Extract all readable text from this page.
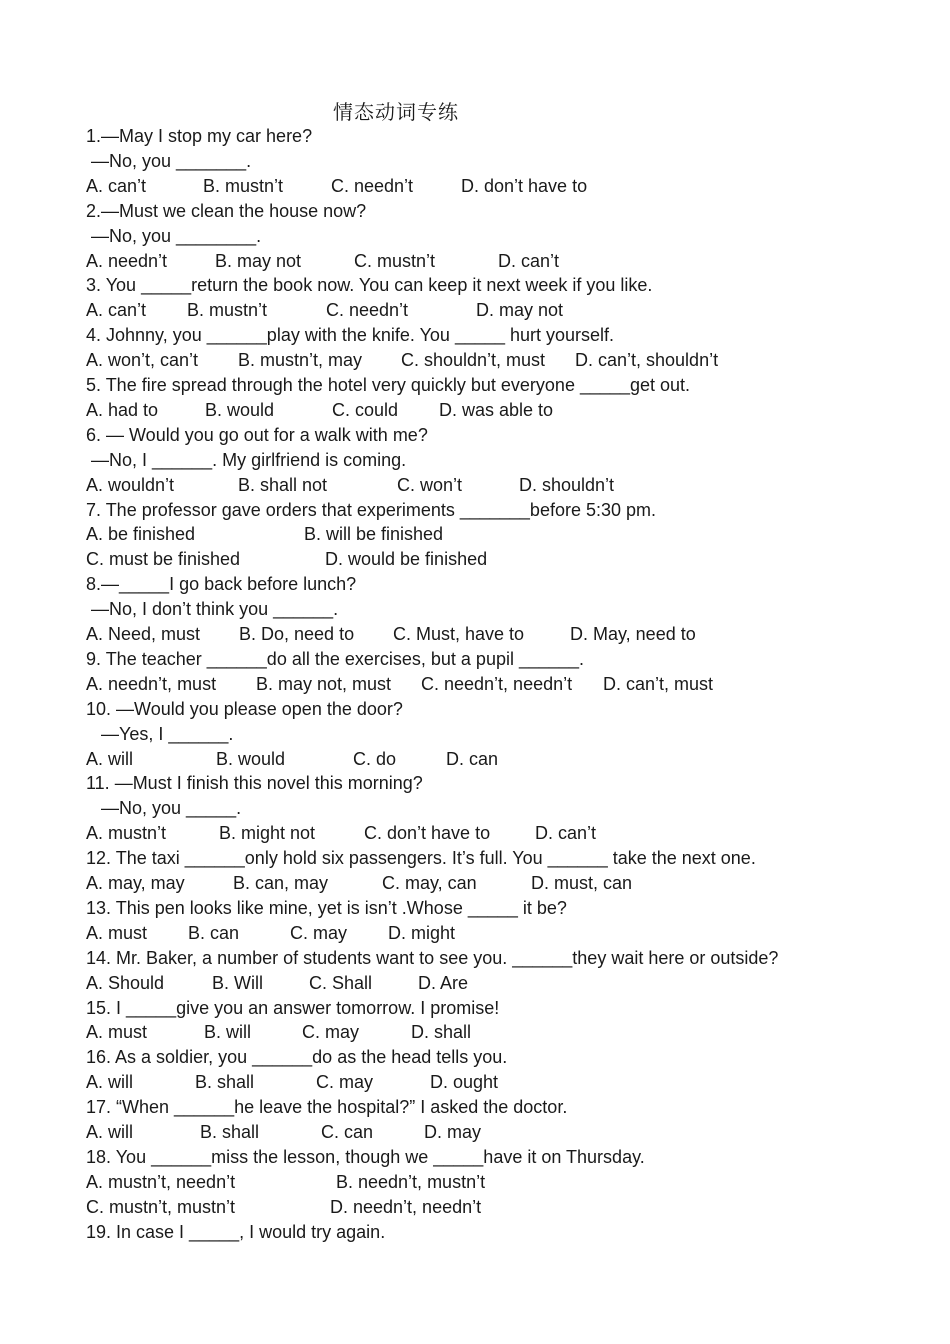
情态动词专练
1.—May I stop my car here?
—No, you _______.
A. can’t	B. mustn’t	C. needn’t	D. don’t have to
2.—Must we clean the house now?
—No, you ________.
A. needn’t	B. may not	C. mustn’t	D. can’t
3. You _____return the book now. You can keep it next week if you like.
A. can’t B. mustn’t	C. needn’t	D. may not
4. Johnny, you ______play with the knife. You _____ hurt yourself.
A. won’t, can’t B. mustn’t, may C. shouldn’t, must D. can’t, shouldn’t
5. The fire spread through the hotel very quickly but everyone _____get out.
A. had to	B. would	C. could D. was able to
6. — Would you go out for a walk with me?
—No, I ______. My girlfriend is coming.
A. wouldn’t	B. shall not	C. won’t	D. shouldn’t
7. The professor gave orders that experiments _______before 5:30 pm.
A. be finished	B. will be finished
C. must be finished	D. would be finished
8.—_____I go back before lunch?
—No, I don’t think you ______.
A. Need, must B. Do, need to C. Must, have to	D. May, need to
9. The teacher ______do all the exercises, but a pupil ______.
A. needn’t, must B. may not, must C. needn’t, needn’t D. can’t, must
10. —Would you please open the door?
—Yes, I ______.
A. will	B. would	C. do	D. can
11. —Must I finish this novel this morning?
—No, you _____.
A. mustn’t	B. might not	C. don’t have to D. can’t
12. The taxi ______only hold six passengers. It’s full. You ______ take the next one.
A. may, may	B. can, may	C. may, can	D. must, can
13. This pen looks like mine, yet is isn’t .Whose _____ it be?
A. must B. can	C. may D. might
14. Mr. Baker, a number of students want to see you. ______they wait here or outside?
A. Should	B. Will	C. Shall	D. Are
15. I _____give you an answer tomorrow. I promise!
A. must	B. will	C. may	D. shall
16. As a soldier, you ______do as the head tells you.
A. will	B. shall	C. may	D. ought
17. “When ______he leave the hospital?” I asked the doctor.
A. will	B. shall	C. can	D. may
18. You ______miss the lesson, though we _____have it on Thursday.
A. mustn’t, needn’t	B. needn’t, mustn’t
C. mustn’t, mustn’t	D. needn’t, needn’t
19. In case I _____, I would try again.
